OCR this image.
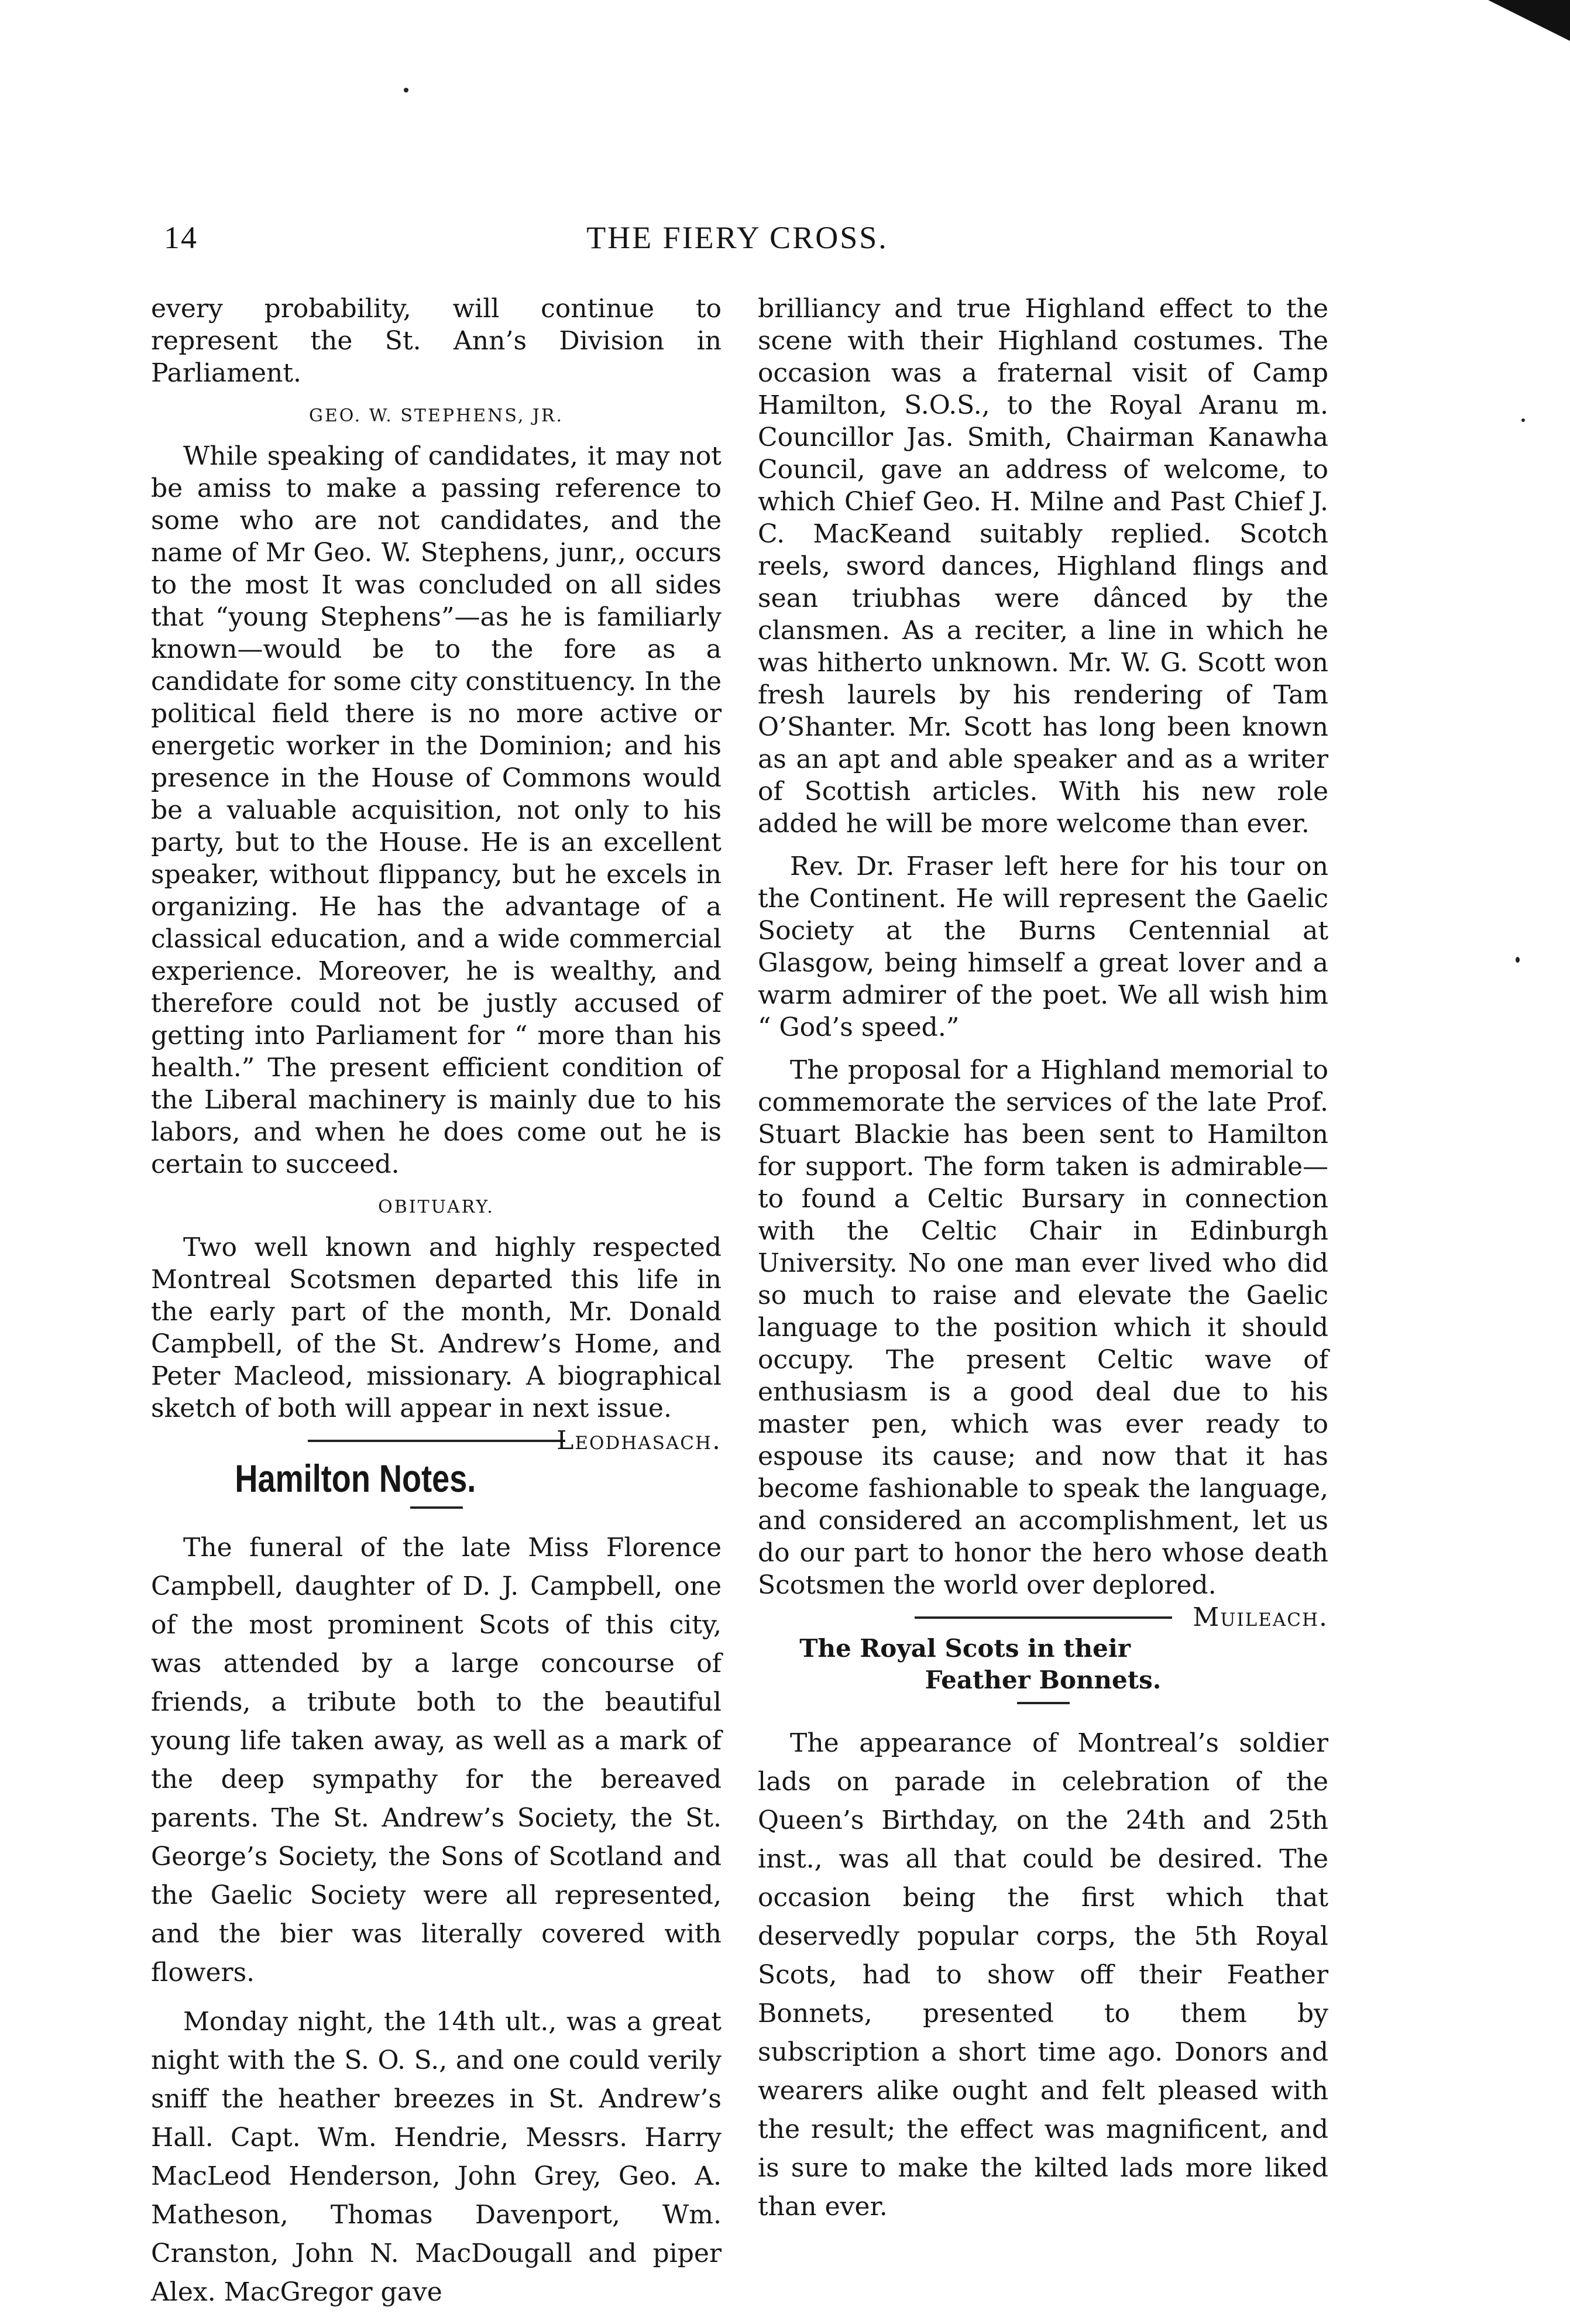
14	THE FIERY CROSS.

every probability, will continue to represent the St. Ann’s Division in Parliament.

GEO. W. STEPHENS, JR.

While speaking of candidates, it may not be amiss to make a passing reference to some who are not candidates, and the name of Mr Geo. W. Stephens, junr,, occurs to the most It was concluded on all sides that “young Stephens”—as he is familiarly known—would be to the fore as a candidate for some city constituency. In the political field there is no more active or energetic worker in the Dominion; and his presence in the House of Commons would be a valuable acquisition, not only to his party, but to the House. He is an excellent speaker, without flippancy, but he excels in organizing. He has the advantage of a classical education, and a wide commercial experience. Moreover, he is wealthy, and therefore could not be justly accused of getting into Parliament for “ more than his health.” The present efficient condition of the Liberal machinery is mainly due to his labors, and when he does come out he is certain to succeed.

OBITUARY.

Two well known and highly respected Montreal Scotsmen departed this life in the early part of the month, Mr. Donald Campbell, of the St. Andrew’s Home, and Peter Macleod, missionary. A biographical sketch of both will appear in next issue.
Leodhasach.

Hamilton Notes.

The funeral of the late Miss Florence Campbell, daughter of D. J. Campbell, one of the most prominent Scots of this city, was attended by a large concourse of friends, a tribute both to the beautiful young life taken away, as well as a mark of the deep sympathy for the bereaved parents. The St. Andrew’s Society, the St. George’s Society, the Sons of Scotland and the Gaelic Society were all represented, and the bier was literally covered with flowers.

Monday night, the 14th ult., was a great night with the S. O. S., and one could verily sniff the heather breezes in St. Andrew’s Hall. Capt. Wm. Hendrie, Messrs. Harry MacLeod Henderson, John Grey, Geo. A. Matheson, Thomas Davenport, Wm. Cranston, John N. MacDougall and piper Alex. MacGregor gave

brilliancy and true Highland effect to the scene with their Highland costumes. The occasion was a fraternal visit of Camp Hamilton, S.O.S., to the Royal Aranu m. Councillor Jas. Smith, Chairman Kanawha Council, gave an address of welcome, to which Chief Geo. H. Milne and Past Chief J. C. MacKeand suitably replied. Scotch reels, sword dances, Highland flings and sean triubhas were dânced by the clansmen. As a reciter, a line in which he was hitherto unknown. Mr. W. G. Scott won fresh laurels by his rendering of Tam O’Shanter. Mr. Scott has long been known as an apt and able speaker and as a writer of Scottish articles. With his new role added he will be more welcome than ever.

Rev. Dr. Fraser left here for his tour on the Continent. He will represent the Gaelic Society at the Burns Centennial at Glasgow, being himself a great lover and a warm admirer of the poet. We all wish him “ God’s speed.”

The proposal for a Highland memorial to commemorate the services of the late Prof. Stuart Blackie has been sent to Hamilton for support. The form taken is admirable—to found a Celtic Bursary in connection with the Celtic Chair in Edinburgh University. No one man ever lived who did so much to raise and elevate the Gaelic language to the position which it should occupy. The present Celtic wave of enthusiasm is a good deal due to his master pen, which was ever ready to espouse its cause; and now that it has become fashionable to speak the language, and considered an accomplishment, let us do our part to honor the hero whose death Scotsmen the world over deplored.
Muileach.

The Royal Scots in their Feather Bonnets.

The appearance of Montreal’s soldier lads on parade in celebration of the Queen’s Birthday, on the 24th and 25th inst., was all that could be desired. The occasion being the first which that deservedly popular corps, the 5th Royal Scots, had to show off their Feather Bonnets, presented to them by subscription a short time ago. Donors and wearers alike ought and felt pleased with the result; the effect was magnificent, and is sure to make the kilted lads more liked than ever.
